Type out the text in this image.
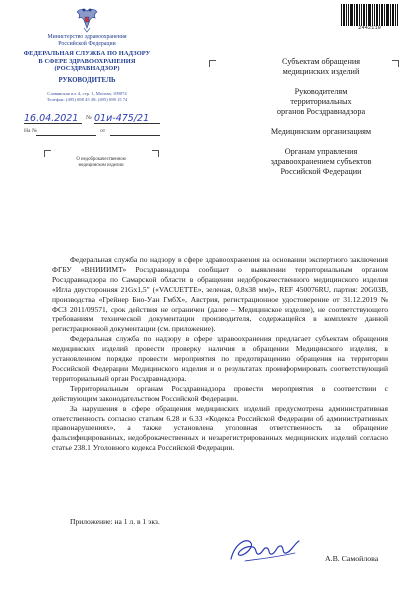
Министерство здравоохранения
Российской Федерации
ФЕДЕРАЛЬНАЯ СЛУЖБА ПО НАДЗОРУ
В СФЕРЕ ЗДРАВООХРАНЕНИЯ
(РОСЗДРАВНАДЗОР)
РУКОВОДИТЕЛЬ
Славянская пл. 4, стр. 1, Москва, 109074
Телефон: (495) 698 45 38; (495) 698 15 74
16.04.2021 № 01и-475/21
На №	от
О недоброкачественном
медицинском изделии
2442119
Субъектам обращения
медицинских изделий
Руководителям
территориальных
органов Росздравнадзора
Медицинским организациям
Органам управления
здравоохранением субъектов
Российской Федерации

Федеральная служба по надзору в сфере здравоохранения на основании экспертного заключения ФГБУ «ВНИИИМТ» Росздравнадзора сообщает о выявлении территориальным органом Росздравнадзора по Самарской области в обращении недоброкачественного медицинского изделия «Игла двусторонняя 21Gx1,5" («VACUETTE», зеленая, 0,8x38 мм)», REF 450076RU, партия: 20G03B, производства «Грейнер Био-Уан ГмбХ», Австрия, регистрационное удостоверение от 31.12.2019 № ФСЗ 2011/09571, срок действия не ограничен (далее – Медицинское изделие), не соответствующего требованиям технической документации производителя, содержащейся в комплекте данной регистрационной документации (см. приложение).

Федеральная служба по надзору в сфере здравоохранения предлагает субъектам обращения медицинских изделий провести проверку наличия в обращении Медицинского изделия, в установленном порядке провести мероприятия по предотвращению обращения на территории Российской Федерации Медицинского изделия и о результатах проинформировать соответствующий территориальный орган Росздравнадзора.

Территориальным органам Росздравнадзора провести мероприятия в соответствии с действующим законодательством Российской Федерации.

За нарушения в сфере обращения медицинских изделий предусмотрена административная ответственность согласно статьям 6.28 и 6.33 «Кодекса Российской Федерации об административных правонарушениях», а также установлена уголовная ответственность за обращение фальсифицированных, недоброкачественных и незарегистрированных медицинских изделий согласно статье 238.1 Уголовного кодекса Российской Федерации.

Приложение: на 1 л. в 1 экз.
А.В. Самойлова
